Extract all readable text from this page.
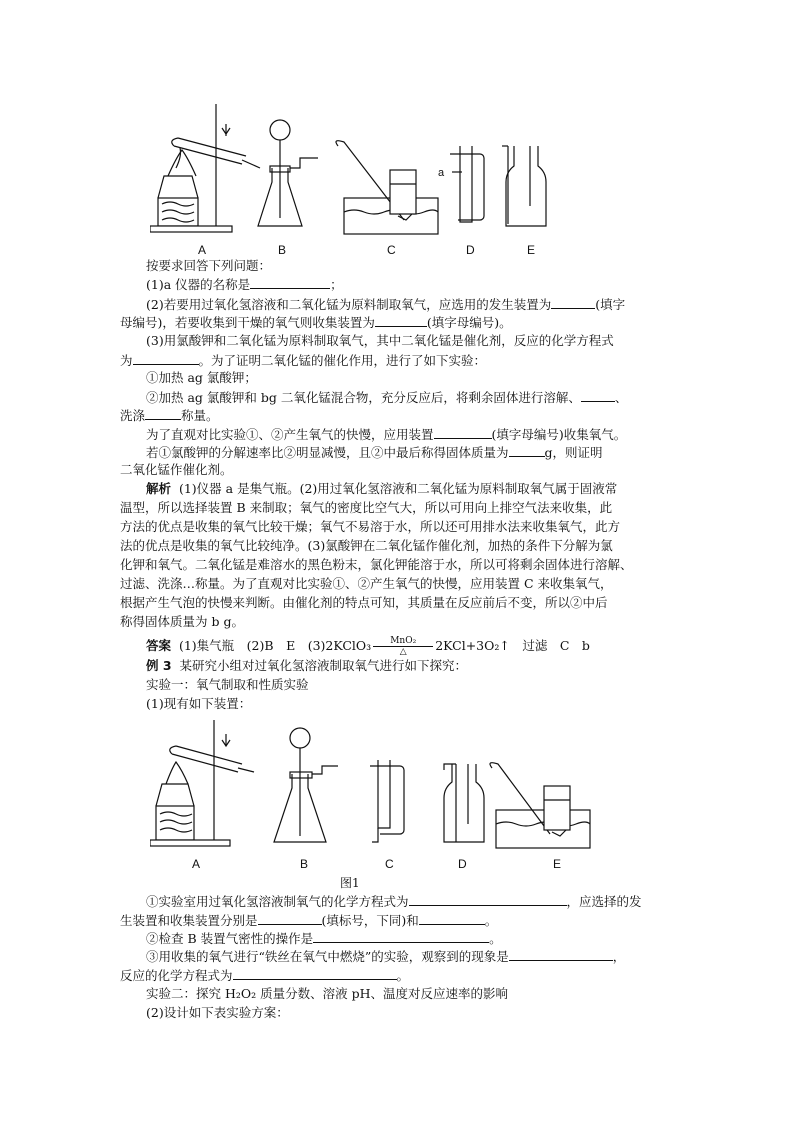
a
A	B	C	D	E
按要求回答下列问题：
(1)a 仪器的名称是	；
(2)若要用过氧化氢溶液和二氧化锰为原料制取氧气，应选用的发生装置为	(填字
母编号)，若要收集到干燥的氧气则收集装置为	(填字母编号)。
(3)用氯酸钾和二氧化锰为原料制取氧气，其中二氧化锰是催化剂，反应的化学方程式
为	。为了证明二氧化锰的催化作用，进行了如下实验：
①加热 ag 氯酸钾；
②加热 ag 氯酸钾和 bg 二氧化锰混合物，充分反应后，将剩余固体进行溶解、	、
洗涤	称量。
为了直观对比实验①、②产生氧气的快慢，应用装置	(填字母编号)收集氧气。
若①氯酸钾的分解速率比②明显减慢，且②中最后称得固体质量为	g，则证明
二氧化锰作催化剂。
解析 (1)仪器 a 是集气瓶。(2)用过氧化氢溶液和二氧化锰为原料制取氧气属于固液常
温型，所以选择装置 B 来制取；氧气的密度比空气大，所以可用向上排空气法来收集，此
方法的优点是收集的氧气比较干燥；氧气不易溶于水，所以还可用排水法来收集氧气，此方
法的优点是收集的氧气比较纯净。(3)氯酸钾在二氧化锰作催化剂，加热的条件下分解为氯
化钾和氧气。二氧化锰是难溶水的黑色粉末，氯化钾能溶于水，所以可将剩余固体进行溶解、
过滤、洗涤…称量。为了直观对比实验①、②产生氧气的快慢，应用装置 C 来收集氧气，
根据产生气泡的快慢来判断。由催化剂的特点可知，其质量在反应前后不变，所以②中后
称得固体质量为 b g。
答案 (1)集气瓶　(2)B　E　(3)2KClO₃ $\frac{\text{MnO₂}}{\triangle}$ 2KCl+3O₂↑　过滤　C　b
例 3 某研究小组对过氧化氢溶液制取氧气进行如下探究：
实验一：氧气制取和性质实验
(1)现有如下装置：
A	B	C	D	E
图1
①实验室用过氧化氢溶液制氧气的化学方程式为	，应选择的发
生装置和收集装置分别是	(填标号，下同)和	。
②检查 B 装置气密性的操作是	。
③用收集的氧气进行“铁丝在氧气中燃烧”的实验，观察到的现象是	，
反应的化学方程式为	。
实验二：探究 H₂O₂ 质量分数、溶液 pH、温度对反应速率的影响
(2)设计如下表实验方案：
